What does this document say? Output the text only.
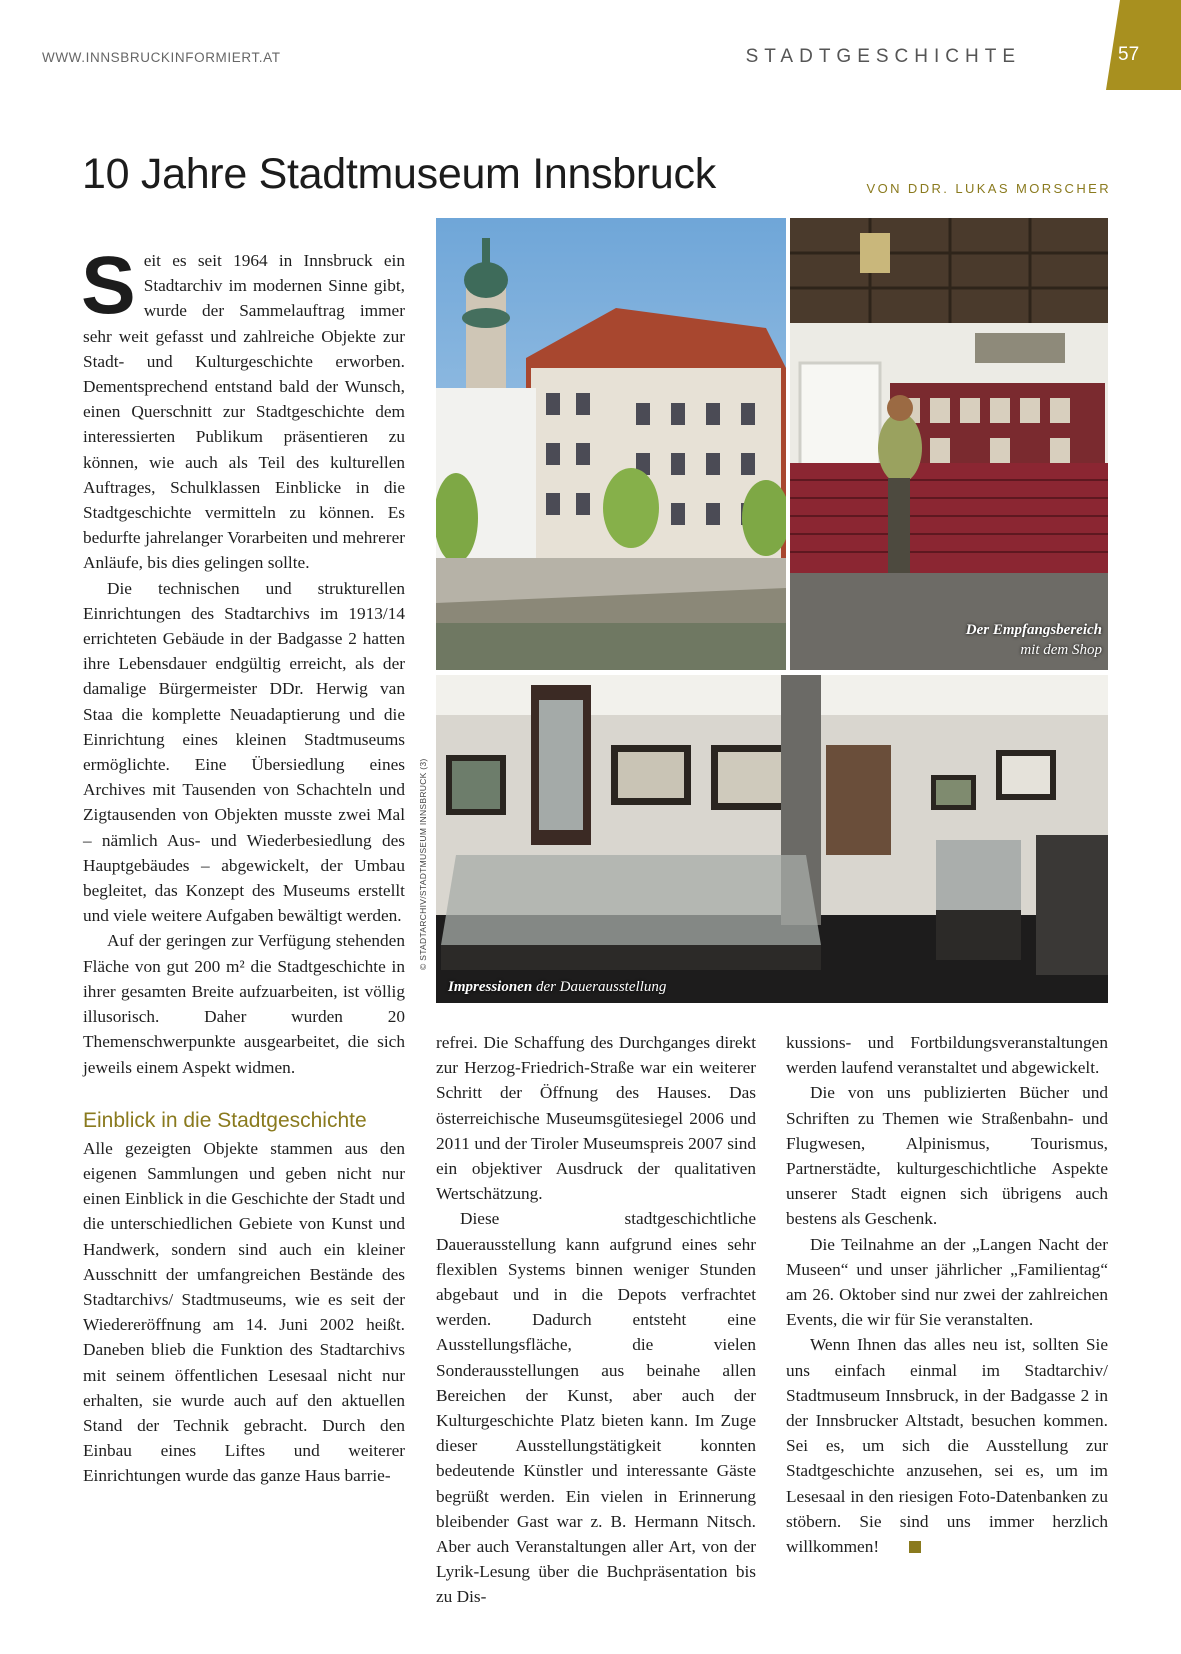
WWW.INNSBRUCKINFORMIERT.AT	STADTGESCHICHTE	57
10 Jahre Stadtmuseum Innsbruck	VON DDR. LUKAS MORSCHER
Der Empfangsbereich
mit dem Shop
Impressionen der Dauerausstellung
© STADTARCHIV/STADTMUSEUM INNSBRUCK (3)

Seit es seit 1964 in Innsbruck ein Stadtarchiv im modernen Sinne gibt, wurde der Sammelauftrag immer sehr weit gefasst und zahlreiche Objekte zur Stadt- und Kulturgeschichte erworben. Dementsprechend entstand bald der Wunsch, einen Querschnitt zur Stadtgeschichte dem interessierten Publikum präsentieren zu können, wie auch als Teil des kulturellen Auftrages, Schulklassen Einblicke in die Stadtgeschichte vermitteln zu können. Es bedurfte jahrelanger Vorarbeiten und mehrerer Anläufe, bis dies gelingen sollte.

Die technischen und strukturellen Einrichtungen des Stadtarchivs im 1913/14 errichteten Gebäude in der Badgasse 2 hatten ihre Lebensdauer endgültig erreicht, als der damalige Bürgermeister DDr. Herwig van Staa die komplette Neuadaptierung und die Einrichtung eines kleinen Stadtmuseums ermöglichte. Eine Übersiedlung eines Archives mit Tausenden von Schachteln und Zigtausenden von Objekten musste zwei Mal – nämlich Aus- und Wiederbesiedlung des Hauptgebäudes – abgewickelt, der Umbau begleitet, das Konzept des Museums erstellt und viele weitere Aufgaben bewältigt werden.

Auf der geringen zur Verfügung stehenden Fläche von gut 200 m² die Stadtgeschichte in ihrer gesamten Breite aufzuarbeiten, ist völlig illusorisch. Daher wurden 20 Themenschwerpunkte ausgearbeitet, die sich jeweils einem Aspekt widmen.

Einblick in die Stadtgeschichte

Alle gezeigten Objekte stammen aus den eigenen Sammlungen und geben nicht nur einen Einblick in die Geschichte der Stadt und die unterschiedlichen Gebiete von Kunst und Handwerk, sondern sind auch ein kleiner Ausschnitt der umfangreichen Bestände des Stadtarchivs/ Stadtmuseums, wie es seit der Wiedereröffnung am 14. Juni 2002 heißt. Daneben blieb die Funktion des Stadtarchivs mit seinem öffentlichen Lesesaal nicht nur erhalten, sie wurde auch auf den aktuellen Stand der Technik gebracht. Durch den Einbau eines Liftes und weiterer Einrichtungen wurde das ganze Haus barrie-

refrei. Die Schaffung des Durchganges direkt zur Herzog-Friedrich-Straße war ein weiterer Schritt der Öffnung des Hauses. Das österreichische Museumsgütesiegel 2006 und 2011 und der Tiroler Museumspreis 2007 sind ein objektiver Ausdruck der qualitativen Wertschätzung.

Diese stadtgeschichtliche Dauerausstellung kann aufgrund eines sehr flexiblen Systems binnen weniger Stunden abgebaut und in die Depots verfrachtet werden. Dadurch entsteht eine Ausstellungsfläche, die vielen Sonderausstellungen aus beinahe allen Bereichen der Kunst, aber auch der Kulturgeschichte Platz bieten kann. Im Zuge dieser Ausstellungstätigkeit konnten bedeutende Künstler und interessante Gäste begrüßt werden. Ein vielen in Erinnerung bleibender Gast war z. B. Hermann Nitsch. Aber auch Veranstaltungen aller Art, von der Lyrik-Lesung über die Buchpräsentation bis zu Dis-

kussions- und Fortbildungsveranstaltungen werden laufend veranstaltet und abgewickelt.

Die von uns publizierten Bücher und Schriften zu Themen wie Straßenbahn- und Flugwesen, Alpinismus, Tourismus, Partnerstädte, kulturgeschichtliche Aspekte unserer Stadt eignen sich übrigens auch bestens als Geschenk.

Die Teilnahme an der „Langen Nacht der Museen“ und unser jährlicher „Familientag“ am 26. Oktober sind nur zwei der zahlreichen Events, die wir für Sie veranstalten.

Wenn Ihnen das alles neu ist, sollten Sie uns einfach einmal im Stadtarchiv/ Stadtmuseum Innsbruck, in der Badgasse 2 in der Innsbrucker Altstadt, besuchen kommen. Sei es, um sich die Ausstellung zur Stadtgeschichte anzusehen, sei es, um im Lesesaal in den riesigen Foto-Datenbanken zu stöbern. Sie sind uns immer herzlich willkommen!
